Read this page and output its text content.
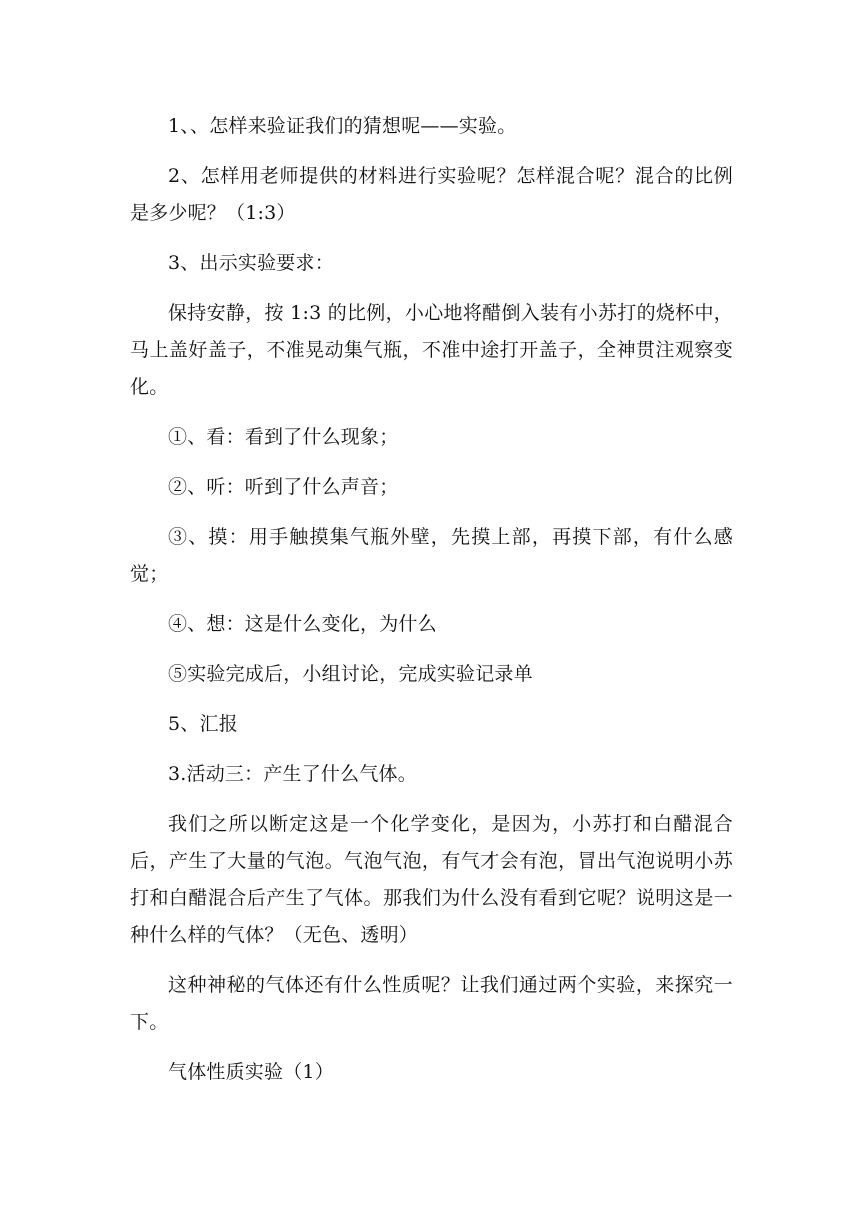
1、、怎样来验证我们的猜想呢——实验。

2、怎样用老师提供的材料进行实验呢？怎样混合呢？混合的比例是多少呢？（1:3）

3、出示实验要求：

保持安静，按 1:3 的比例，小心地将醋倒入装有小苏打的烧杯中，马上盖好盖子，不准晃动集气瓶，不准中途打开盖子，全神贯注观察变化。

①、看：看到了什么现象；

②、听：听到了什么声音；

③、摸：用手触摸集气瓶外壁，先摸上部，再摸下部，有什么感觉；

④、想：这是什么变化，为什么

⑤实验完成后，小组讨论，完成实验记录单

5、汇报

3.活动三：产生了什么气体。

我们之所以断定这是一个化学变化，是因为，小苏打和白醋混合后，产生了大量的气泡。气泡气泡，有气才会有泡，冒出气泡说明小苏打和白醋混合后产生了气体。那我们为什么没有看到它呢？说明这是一种什么样的气体？（无色、透明）

这种神秘的气体还有什么性质呢？让我们通过两个实验，来探究一下。

气体性质实验（1）
